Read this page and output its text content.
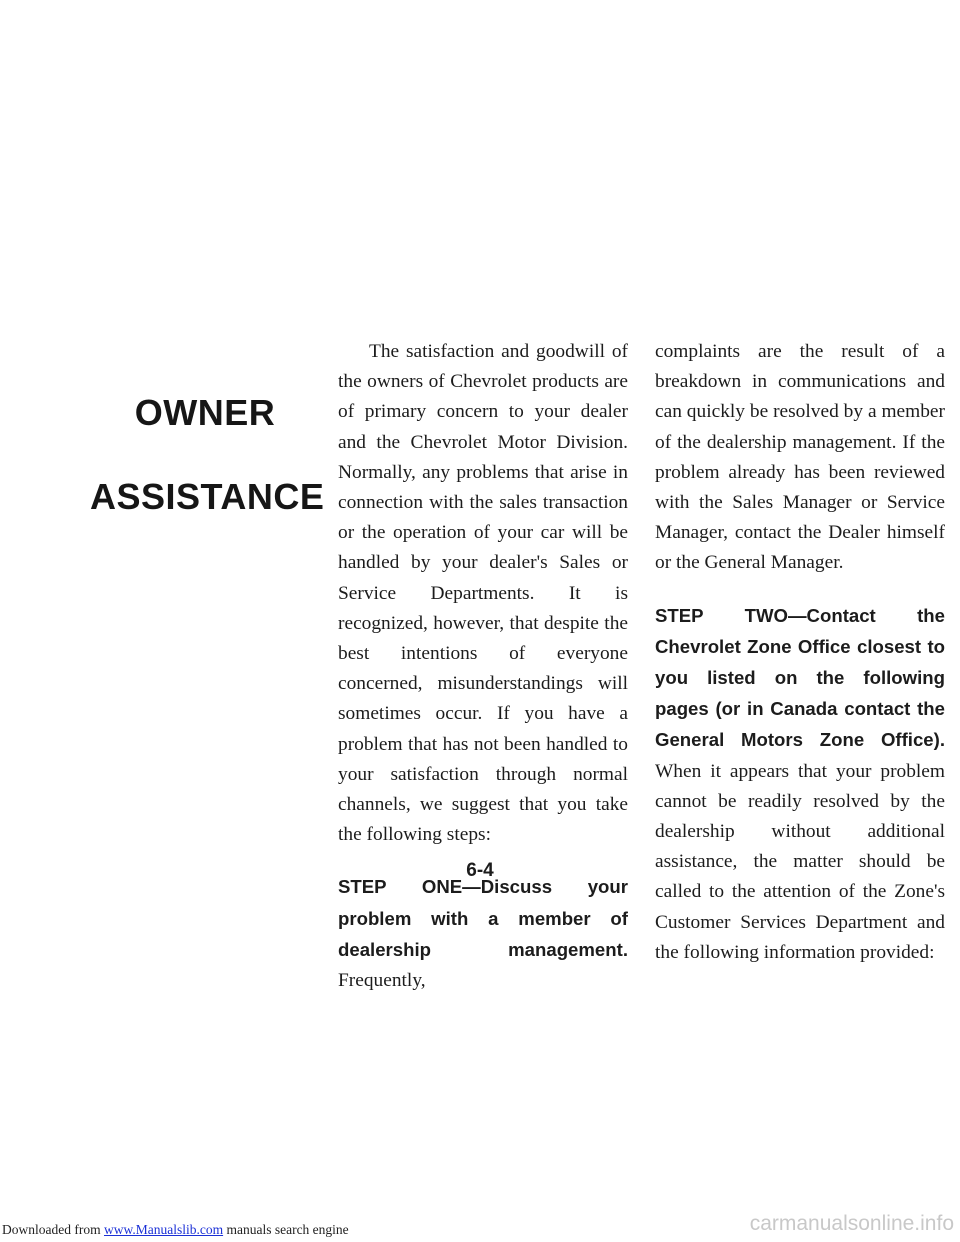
Downloaded from www.Manualslib.com manuals search engine
OWNER
ASSISTANCE

The satisfaction and goodwill of the owners of Chevrolet products are of primary concern to your dealer and the Chevrolet Motor Division. Normally, any problems that arise in connection with the sales transaction or the operation of your car will be handled by your dealer's Sales or Service Departments. It is recognized, however, that despite the best intentions of everyone concerned, misunderstandings will sometimes occur. If you have a problem that has not been handled to your satisfaction through normal channels, we suggest that you take the following steps:

STEP ONE—Discuss your problem with a member of dealership management. Frequently,

complaints are the result of a breakdown in communications and can quickly be resolved by a member of the dealership management. If the problem already has been reviewed with the Sales Manager or Service Manager, contact the Dealer himself or the General Manager.

STEP TWO—Contact the Chevrolet Zone Office closest to you listed on the following pages (or in Canada contact the General Motors Zone Office). When it appears that your problem cannot be readily resolved by the dealership without additional assistance, the matter should be called to the attention of the Zone's Customer Services Department and the following information provided:

6-4
carmanualsonline.info
